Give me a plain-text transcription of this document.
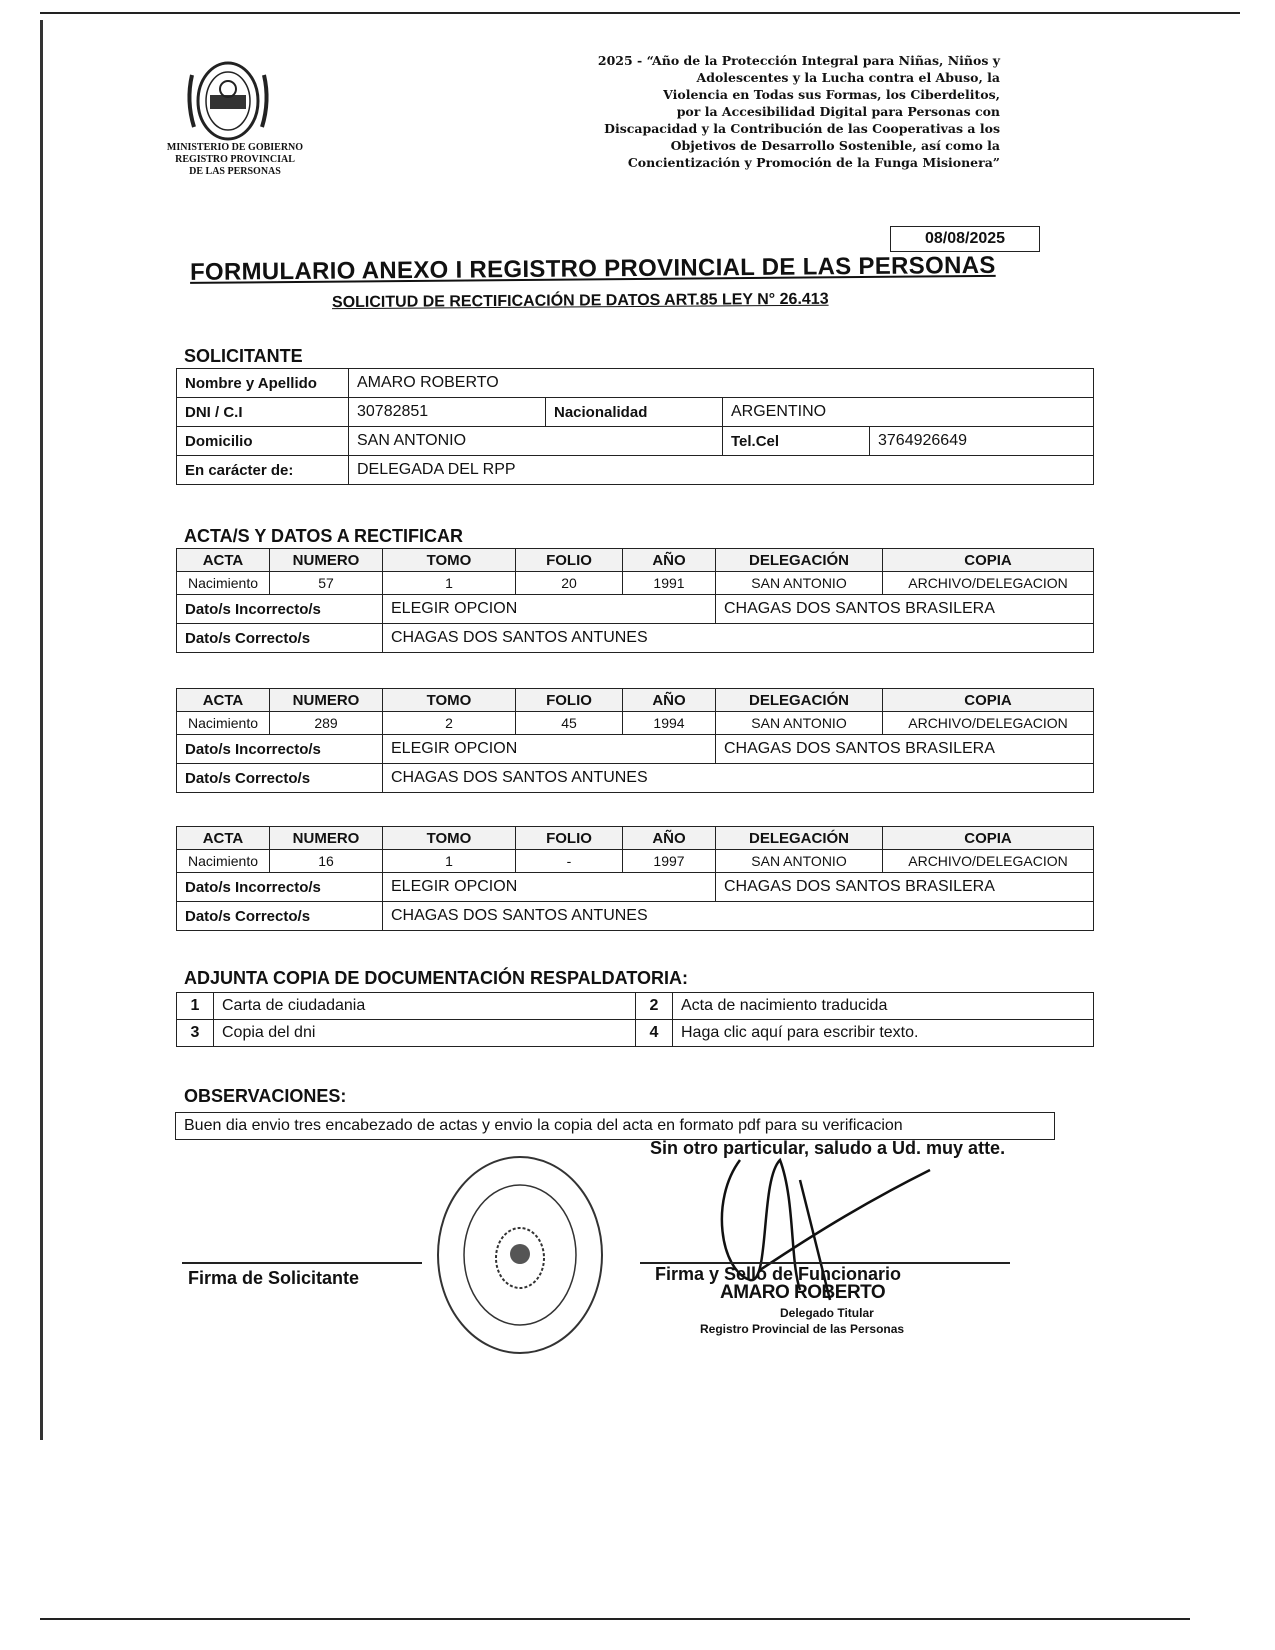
MINISTERIO DE GOBIERNO
REGISTRO PROVINCIAL
DE LAS PERSONAS
2025 - “Año de la Protección Integral para Niñas, Niños y
Adolescentes y la Lucha contra el Abuso, la
Violencia en Todas sus Formas, los Ciberdelitos,
por la Accesibilidad Digital para Personas con
Discapacidad y la Contribución de las Cooperativas a los
Objetivos de Desarrollo Sostenible, así como la
Concientización y Promoción de la Funga Misionera”
08/08/2025
FORMULARIO ANEXO I REGISTRO PROVINCIAL DE LAS PERSONAS
SOLICITUD DE RECTIFICACIÓN DE DATOS ART.85 LEY N° 26.413
SOLICITANTE
Nombre y Apellido	AMARO ROBERTO			
DNI / C.I	30782851	Nacionalidad	ARGENTINO	
Domicilio	SAN ANTONIO		Tel.Cel	3764926649
En carácter de:	DELEGADA DEL RPP			
ACTA/S Y DATOS A RECTIFICAR
ACTA	NUMERO	TOMO	FOLIO	AÑO	DELEGACIÓN	COPIA
Nacimiento	57	1	20	1991	SAN ANTONIO	ARCHIVO/DELEGACION
Dato/s Incorrecto/s		ELEGIR OPCION			CHAGAS DOS SANTOS BRASILERA	
Dato/s Correcto/s		CHAGAS DOS SANTOS ANTUNES				
ACTA	NUMERO	TOMO	FOLIO	AÑO	DELEGACIÓN	COPIA
Nacimiento	289	2	45	1994	SAN ANTONIO	ARCHIVO/DELEGACION
Dato/s Incorrecto/s		ELEGIR OPCION			CHAGAS DOS SANTOS BRASILERA	
Dato/s Correcto/s		CHAGAS DOS SANTOS ANTUNES				
ACTA	NUMERO	TOMO	FOLIO	AÑO	DELEGACIÓN	COPIA
Nacimiento	16	1	-	1997	SAN ANTONIO	ARCHIVO/DELEGACION
Dato/s Incorrecto/s		ELEGIR OPCION			CHAGAS DOS SANTOS BRASILERA	
Dato/s Correcto/s		CHAGAS DOS SANTOS ANTUNES				
ADJUNTA COPIA DE DOCUMENTACIÓN RESPALDATORIA:
1	Carta de ciudadania	2	Acta de nacimiento traducida
3	Copia del dni	4	Haga clic aquí para escribir texto.
OBSERVACIONES:
Buen dia envio tres encabezado de actas y envio la copia del acta en formato pdf para su verificacion
Sin otro particular, saludo a Ud. muy atte.
Firma de Solicitante	Firma y Sello de Funcionario
AMARO ROBERTO
Delegado Titular
Registro Provincial de las Personas
